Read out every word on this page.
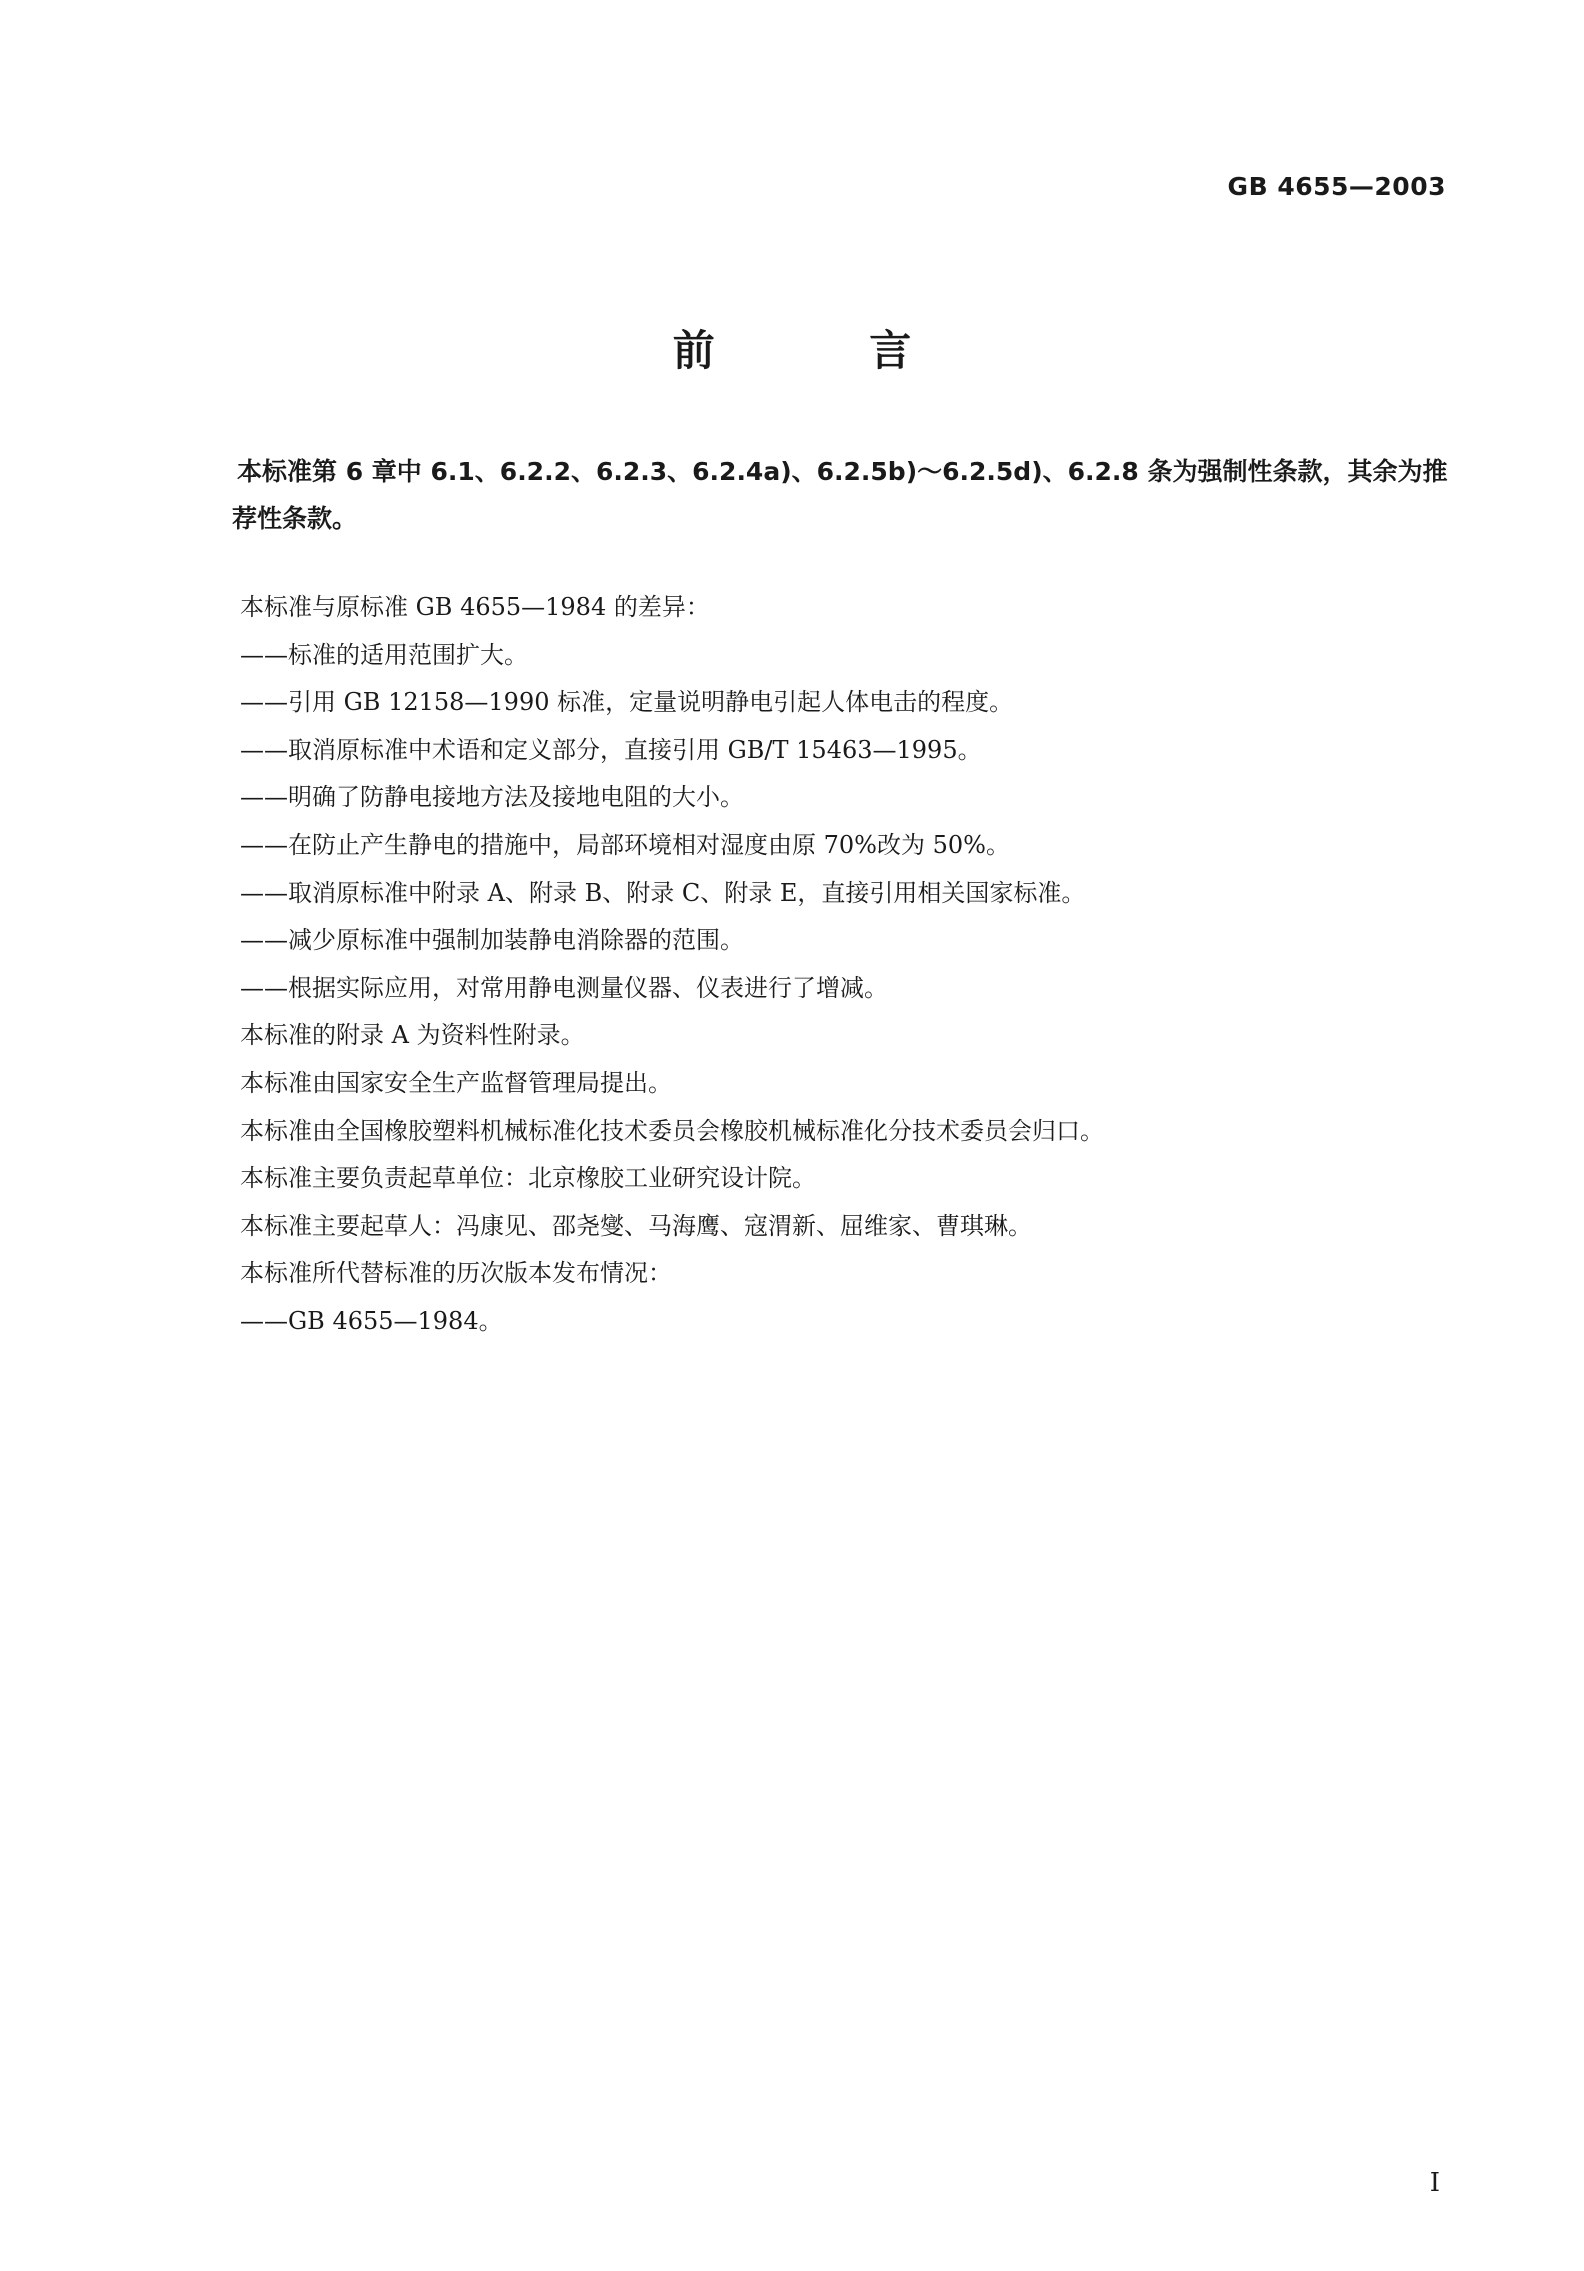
GB 4655—2003
前 言

本标准第 6 章中 6.1、6.2.2、6.2.3、6.2.4a)、6.2.5b)～6.2.5d)、6.2.8 条为强制性条款，其余为推荐性条款。

本标准与原标准 GB 4655—1984 的差异：
——标准的适用范围扩大。
——引用 GB 12158—1990 标准，定量说明静电引起人体电击的程度。
——取消原标准中术语和定义部分，直接引用 GB/T 15463—1995。
——明确了防静电接地方法及接地电阻的大小。
——在防止产生静电的措施中，局部环境相对湿度由原 70%改为 50%。
——取消原标准中附录 A、附录 B、附录 C、附录 E，直接引用相关国家标准。
——减少原标准中强制加装静电消除器的范围。
——根据实际应用，对常用静电测量仪器、仪表进行了增减。
本标准的附录 A 为资料性附录。
本标准由国家安全生产监督管理局提出。
本标准由全国橡胶塑料机械标准化技术委员会橡胶机械标准化分技术委员会归口。
本标准主要负责起草单位：北京橡胶工业研究设计院。
本标准主要起草人：冯康见、邵尧燮、马海鹰、寇渭新、屈维家、曹琪琳。
本标准所代替标准的历次版本发布情况：
——GB 4655—1984。
I
